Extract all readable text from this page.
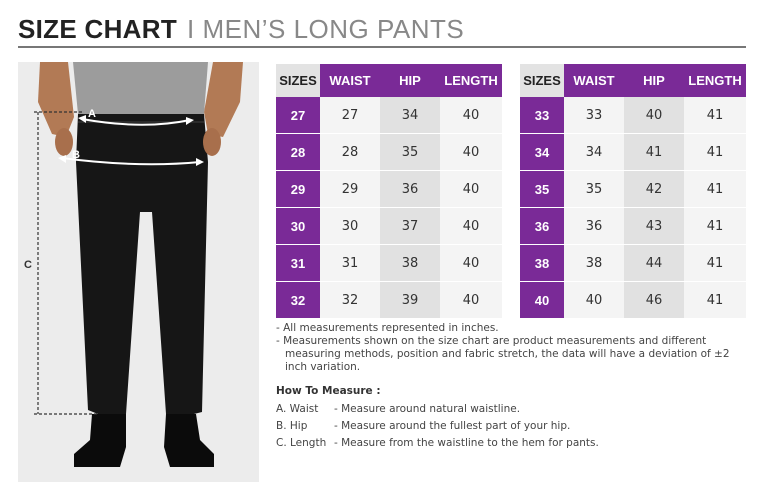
SIZE CHART I MEN’S LONG PANTS
A
B
C
SIZES	WAIST	HIP	LENGTH
27	27	34	40
28	28	35	40
29	29	36	40
30	30	37	40
31	31	38	40
32	32	39	40
SIZES	WAIST	HIP	LENGTH
33	33	40	41
34	34	41	41
35	35	42	41
36	36	43	41
38	38	44	41
40	40	46	41

- All measurements represented in inches.

- Measurements shown on the size chart are product measurements and different measuring methods, position and fabric stretch, the data will have a deviation of ±2 inch variation.

How To Measure :
A. Waist - Measure around natural waistline.
B. Hip	- Measure around the fullest part of your hip.
C. Length - Measure from the waistline to the hem for pants.
